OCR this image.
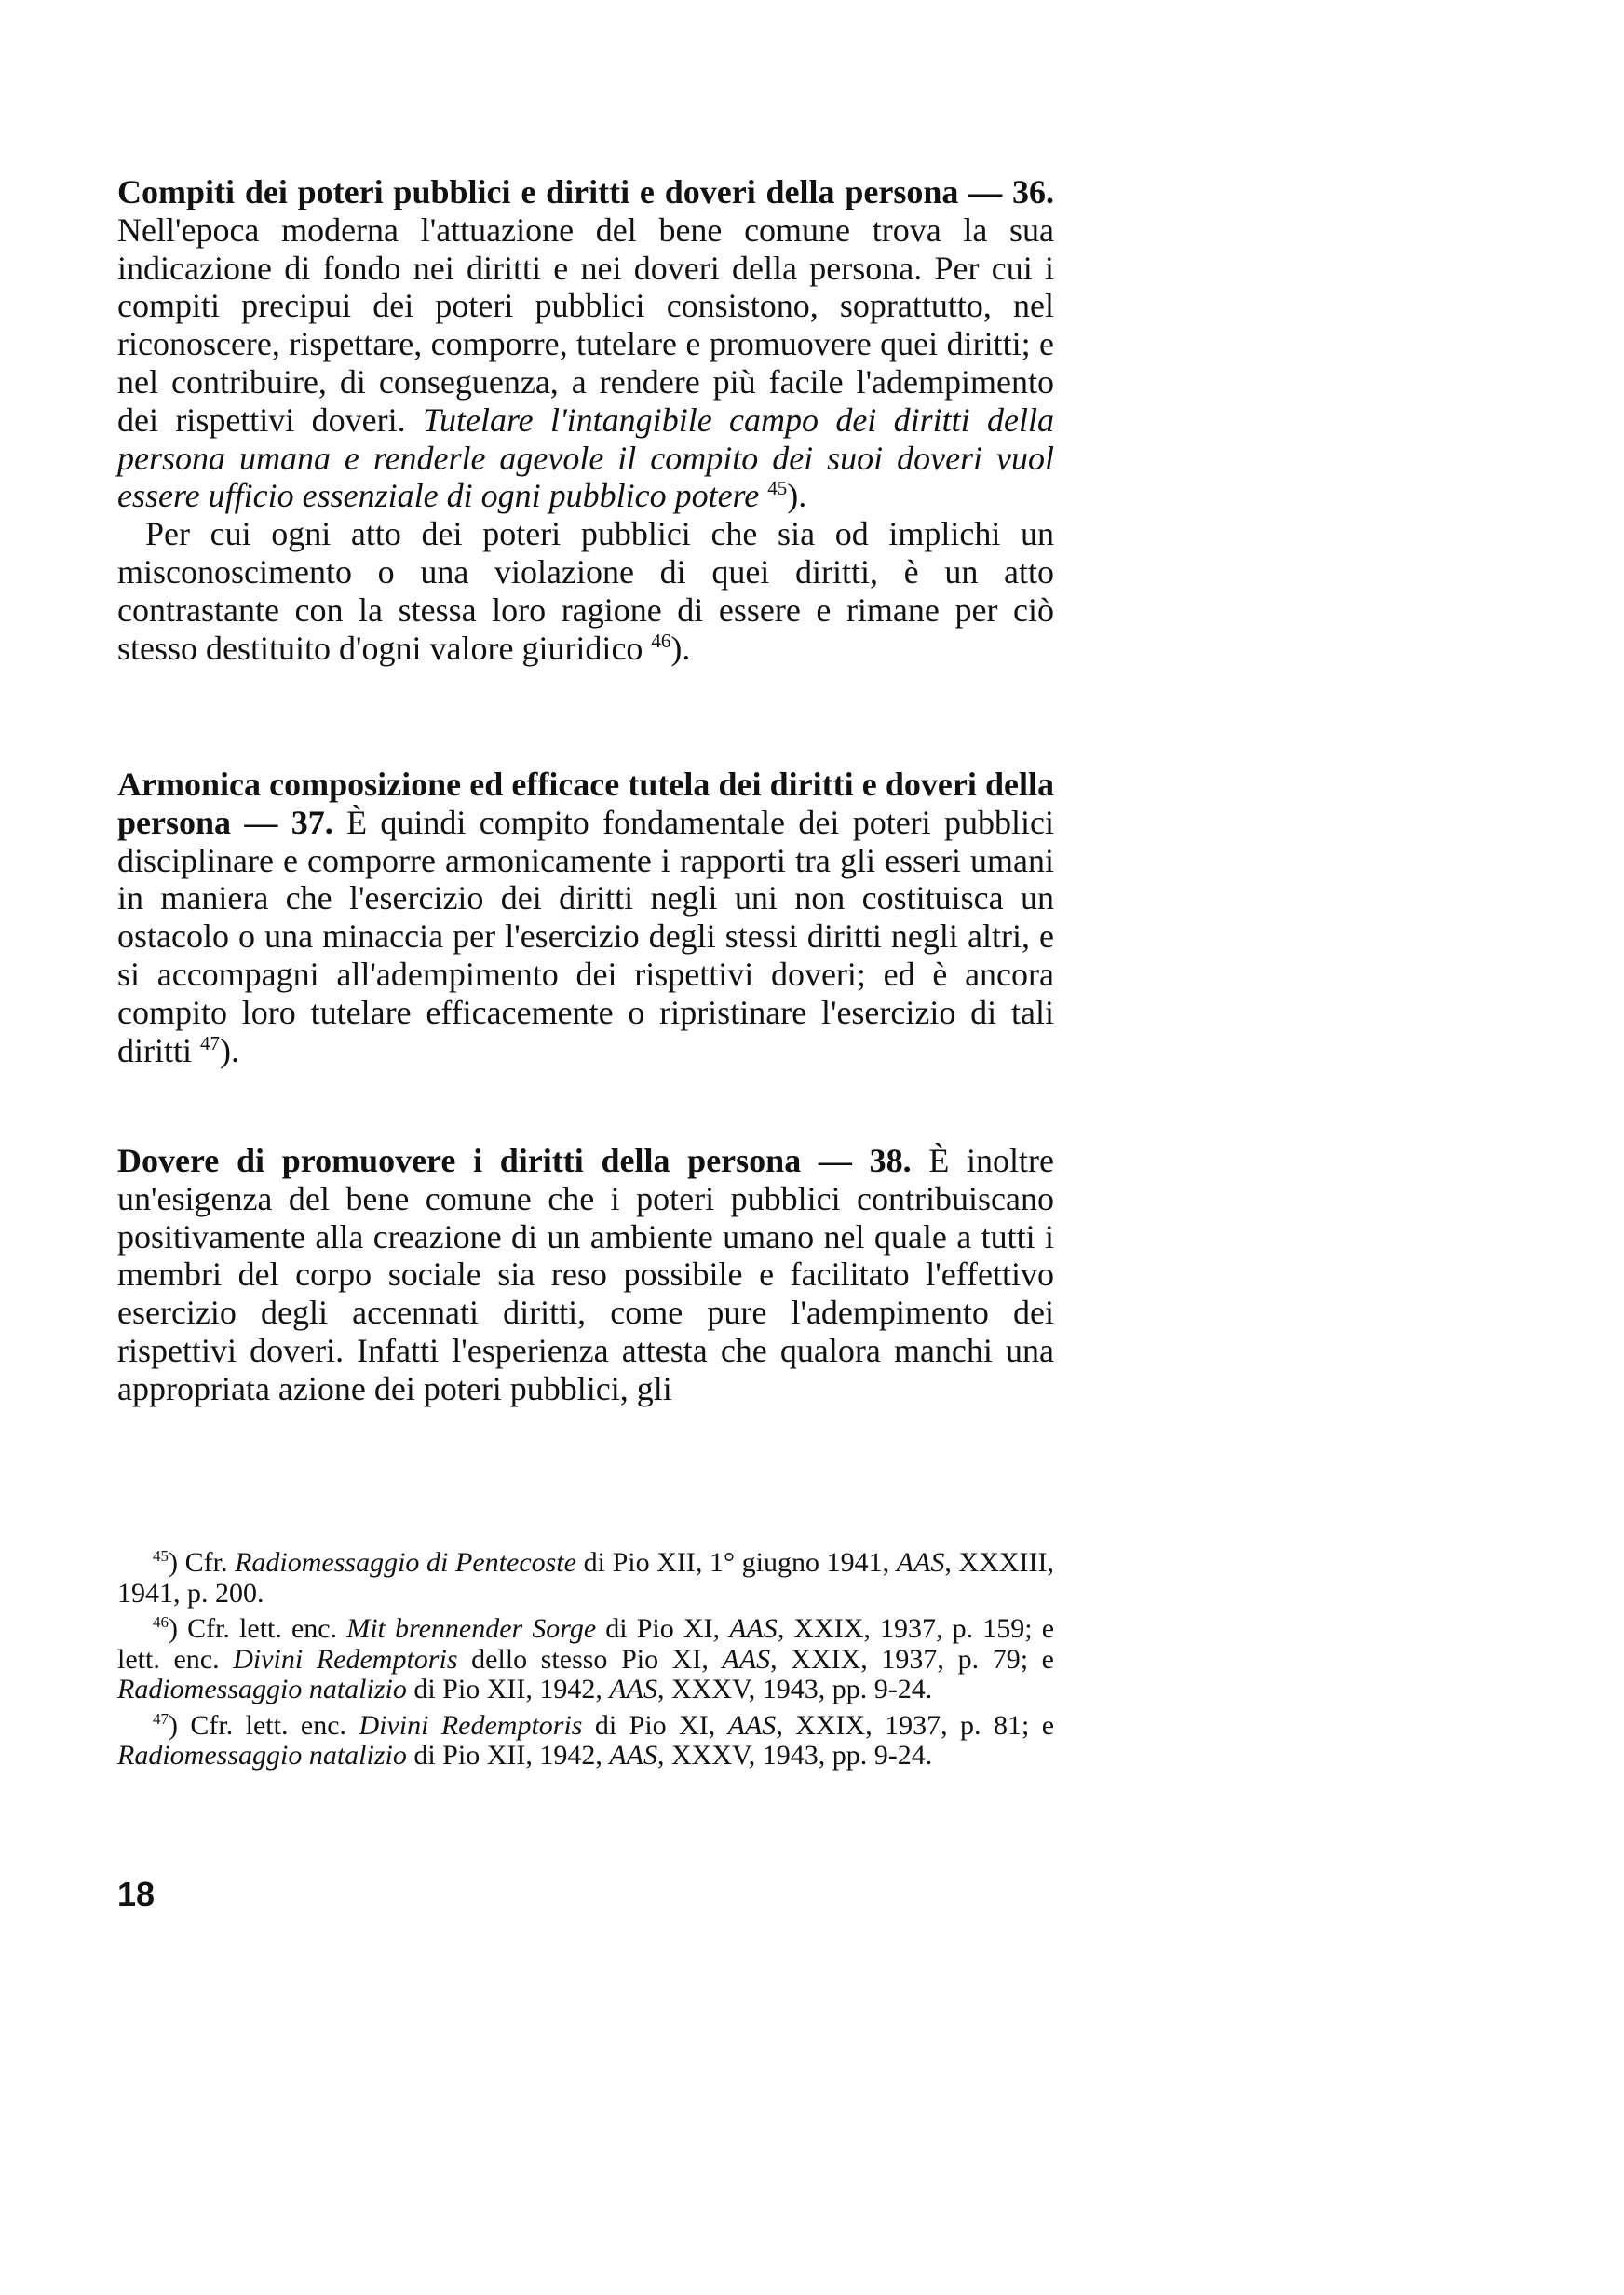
Compiti dei poteri pubblici e diritti e doveri della persona — 36. Nell'epoca moderna l'attuazione del bene comune trova la sua indicazione di fondo nei diritti e nei doveri della persona. Per cui i compiti precipui dei poteri pubblici consistono, soprattutto, nel riconoscere, rispettare, comporre, tutelare e promuovere quei diritti; e nel contribuire, di conseguenza, a rendere più facile l'adempimento dei rispettivi doveri. Tutelare l'intangibile campo dei diritti della persona umana e renderle agevole il compito dei suoi doveri vuol essere ufficio essenziale di ogni pubblico potere $^{45}$).

Per cui ogni atto dei poteri pubblici che sia od implichi un misconoscimento o una violazione di quei diritti, è un atto contrastante con la stessa loro ragione di essere e rimane per ciò stesso destituito d'ogni valore giuridico $^{46}$).

Armonica composizione ed efficace tutela dei diritti e doveri della persona — 37. È quindi compito fondamentale dei poteri pubblici disciplinare e comporre armonicamente i rapporti tra gli esseri umani in maniera che l'esercizio dei diritti negli uni non costituisca un ostacolo o una minaccia per l'esercizio degli stessi diritti negli altri, e si accompagni all'adempimento dei rispettivi doveri; ed è ancora compito loro tutelare efficacemente o ripristinare l'esercizio di tali diritti $^{47}$).

Dovere di promuovere i diritti della persona — 38. È inoltre un'esigenza del bene comune che i poteri pubblici contribuiscano positivamente alla creazione di un ambiente umano nel quale a tutti i membri del corpo sociale sia reso possibile e facilitato l'effettivo esercizio degli accennati diritti, come pure l'adempimento dei rispettivi doveri. Infatti l'esperienza attesta che qualora manchi una appropriata azione dei poteri pubblici, gli

$^{45}$) Cfr. Radiomessaggio di Pentecoste di Pio XII, 1° giugno 1941, AAS, XXXIII, 1941, p. 200.

$^{46}$) Cfr. lett. enc. Mit brennender Sorge di Pio XI, AAS, XXIX, 1937, p. 159; e lett. enc. Divini Redemptoris dello stesso Pio XI, AAS, XXIX, 1937, p. 79; e Radiomessaggio natalizio di Pio XII, 1942, AAS, XXXV, 1943, pp. 9-24.

$^{47}$) Cfr. lett. enc. Divini Redemptoris di Pio XI, AAS, XXIX, 1937, p. 81; e Radiomessaggio natalizio di Pio XII, 1942, AAS, XXXV, 1943, pp. 9-24.

18
